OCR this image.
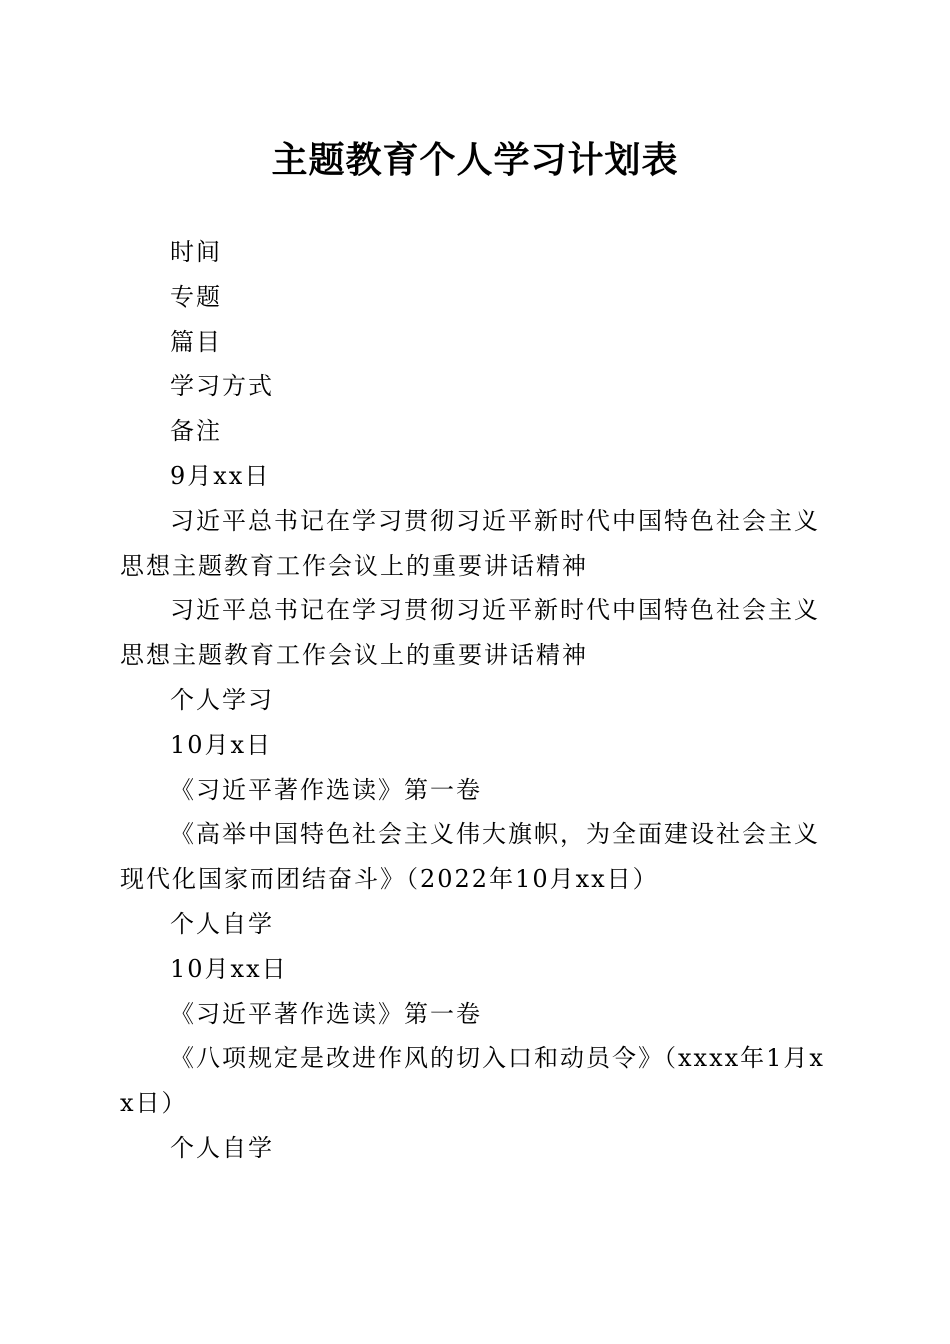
主题教育个人学习计划表

时间

专题

篇目

学习方式

备注

9月xx日

习近平总书记在学习贯彻习近平新时代中国特色社会主义思想主题教育工作会议上的重要讲话精神

习近平总书记在学习贯彻习近平新时代中国特色社会主义思想主题教育工作会议上的重要讲话精神

个人学习

10月x日

《习近平著作选读》第一卷

《高举中国特色社会主义伟大旗帜，为全面建设社会主义现代化国家而团结奋斗》（2022年10月xx日）

个人自学

10月xx日

《习近平著作选读》第一卷

《八项规定是改进作风的切入口和动员令》（xxxx年1月xx日）

个人自学
